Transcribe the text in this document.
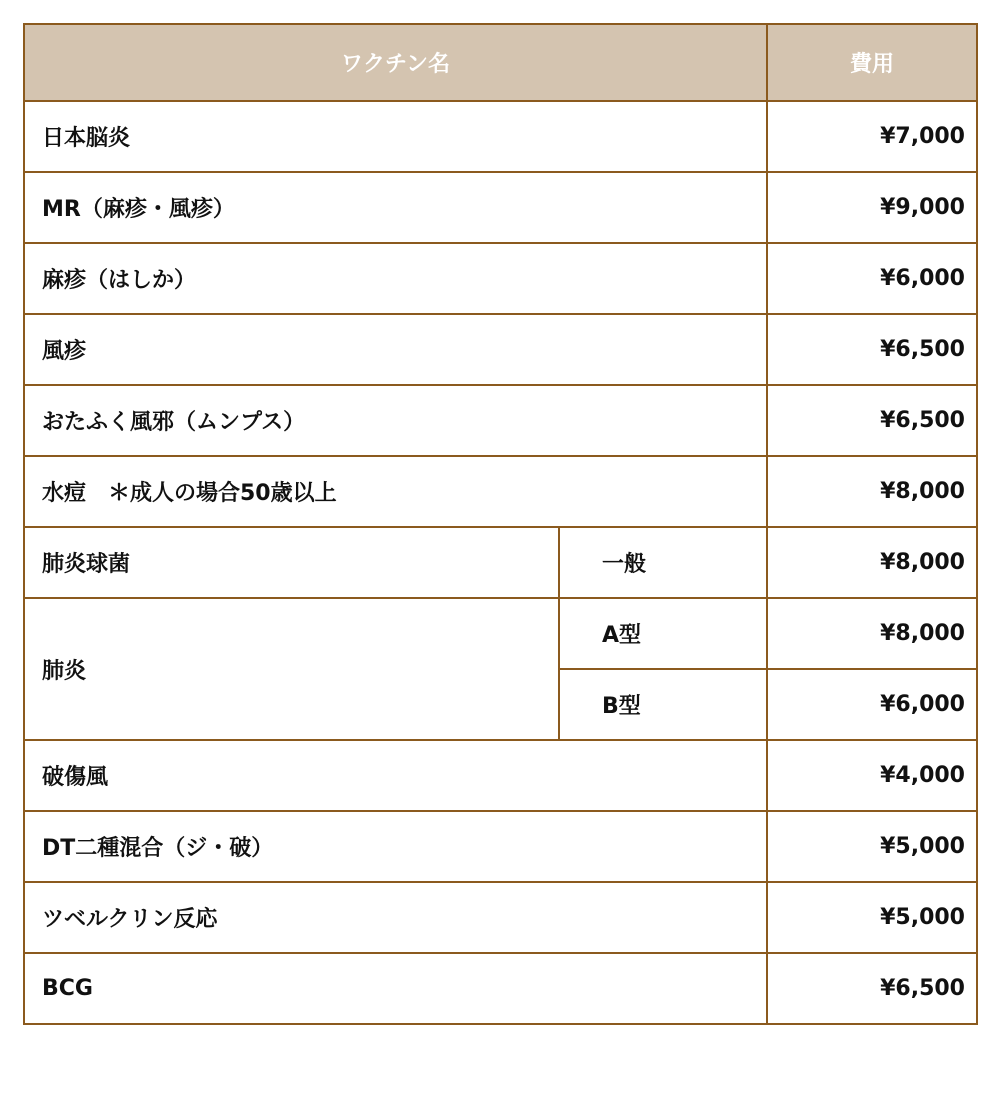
ワクチン名		費用
日本脳炎		¥7,000
MR（麻疹・風疹）		¥9,000
麻疹（はしか）		¥6,000
風疹		¥6,500
おたふく風邪（ムンプス）		¥6,500
水痘　＊成人の場合50歳以上		¥8,000
肺炎球菌	一般	¥8,000
肺炎	A型	¥8,000
	B型	¥6,000
破傷風		¥4,000
DT二種混合（ジ・破）		¥5,000
ツベルクリン反応		¥5,000
BCG		¥6,500
